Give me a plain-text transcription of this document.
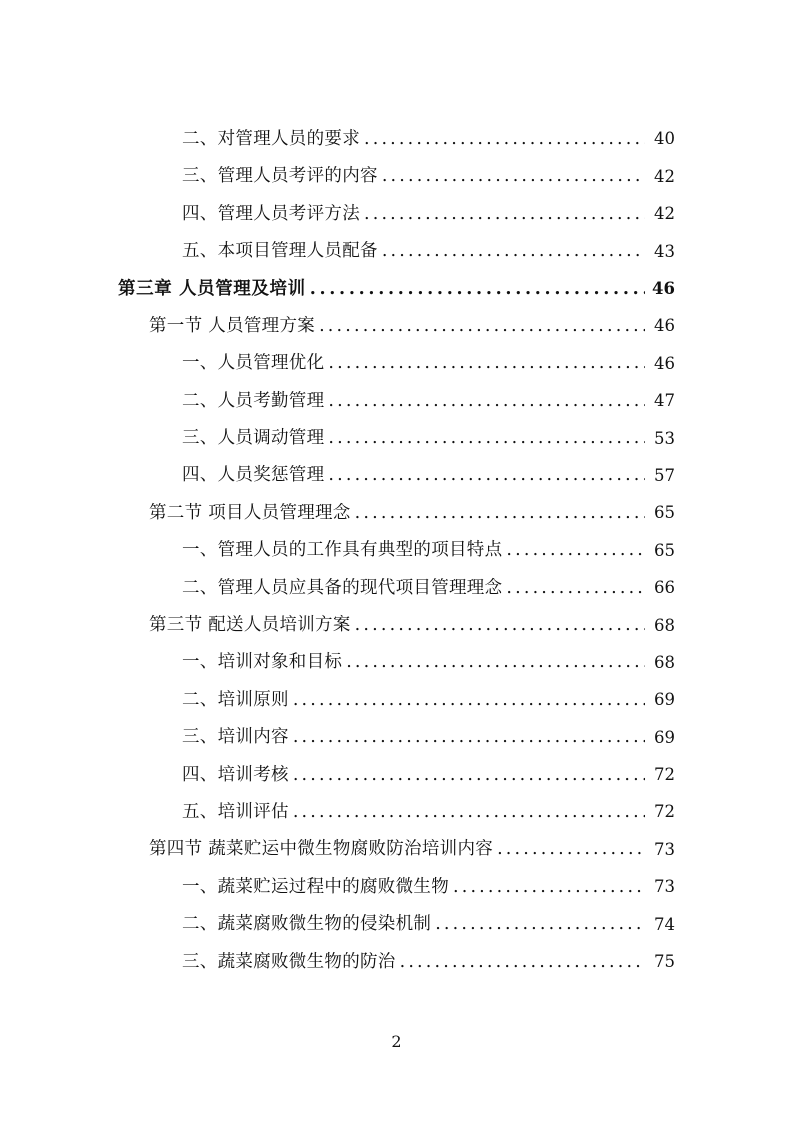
二、对管理人员的要求 . . .	40
三、管理人员考评的内容 . . .	42
四、管理人员考评方法 . . .	42
五、本项目管理人员配备 . . .	43
第三章 人员管理及培训 . . .	46
第一节 人员管理方案 . . .	46
一、人员管理优化 . . .	46
二、人员考勤管理 . . .	47
三、人员调动管理 . . .	53
四、人员奖惩管理 . . .	57
第二节 项目人员管理理念 . . .	65
一、管理人员的工作具有典型的项目特点 . . .	65
二、管理人员应具备的现代项目管理理念 . . .	66
第三节 配送人员培训方案 . . .	68
一、培训对象和目标 . . .	68
二、培训原则 . . .	69
三、培训内容 . . .	69
四、培训考核 . . .	72
五、培训评估 . . .	72
第四节 蔬菜贮运中微生物腐败防治培训内容 . . .	73
一、蔬菜贮运过程中的腐败微生物 . . .	73
二、蔬菜腐败微生物的侵染机制 . . .	74
三、蔬菜腐败微生物的防治 . . .	75
2
